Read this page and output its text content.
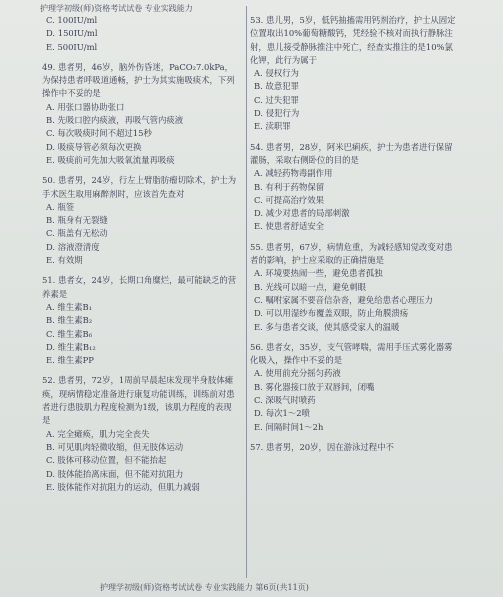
护理学初级(师)资格考试试卷 专业实践能力
C. 100IU/ml
D. 150IU/ml
E. 500IU/ml

49. 患者男，46岁，脑外伤昏迷，PaCO₂7.0kPa，为保持患者呼吸道通畅，护士为其实施吸痰术，下列操作中不妥的是

A. 用张口器协助张口
B. 先吸口腔内痰液，再吸气管内痰液
C. 每次吸痰时间不超过15秒
D. 吸痰导管必须每次更换
E. 吸痰前可先加大吸氧流量再吸痰

50. 患者男，24岁，行左上臂脂肪瘤切除术，护士为手术医生取用麻醉剂时，应该首先查对

A. 瓶签
B. 瓶身有无裂缝
C. 瓶盖有无松动
D. 溶液澄清度
E. 有效期

51. 患者女，24岁，长期口角糜烂，最可能缺乏的营养素是

A. 维生素B₁
B. 维生素B₂
C. 维生素B₆
D. 维生素B₁₂
E. 维生素PP

52. 患者男，72岁，1周前早晨起床发现半身肢体瘫痪，现病情稳定准备进行康复功能训练，训练前对患者进行患肢肌力程度检测为1级，该肌力程度的表现是

A. 完全瘫痪，肌力完全丧失
B. 可见肌肉轻微收缩，但无肢体运动
C. 肢体可移动位置，但不能抬起
D. 肢体能抬离床面，但不能对抗阻力
E. 肢体能作对抗阻力的运动，但肌力减弱

53. 患儿男，5岁，低钙抽搐需用钙剂治疗，护士从固定位置取出10%葡萄糖酸钙，凭经验不核对而执行静脉注射，患儿接受静脉推注中死亡，经查实推注的是10%氯化钾，此行为属于

A. 侵权行为
B. 故意犯罪
C. 过失犯罪
D. 侵犯行为
E. 渎职罪

54. 患者男，28岁，阿米巴痢疾，护士为患者进行保留灌肠，采取右侧卧位的目的是

A. 减轻药物毒副作用
B. 有利于药物保留
C. 可提高治疗效果
D. 减少对患者的局部刺激
E. 使患者舒适安全

55. 患者男，67岁，病情危重，为减轻感知觉改变对患者的影响，护士应采取的正确措施是

A. 环境要热闹一些，避免患者孤独
B. 光线可以暗一点，避免刺眼
C. 嘱咐家属不要音信杂沓，避免给患者心理压力
D. 可以用湿纱布覆盖双眼，防止角膜溃疡
E. 多与患者交谈，使其感受家人的温暖

56. 患者女，35岁，支气管哮喘，需用手压式雾化器雾化吸入，操作中不妥的是

A. 使用前充分摇匀药液
B. 雾化器接口放于双唇间，闭嘴
C. 深吸气时喷药
D. 每次1～2喷
E. 间隔时间1～2h

57. 患者男，20岁，因在游泳过程中不

护理学初级(师)资格考试试卷 专业实践能力 第6页(共11页)
